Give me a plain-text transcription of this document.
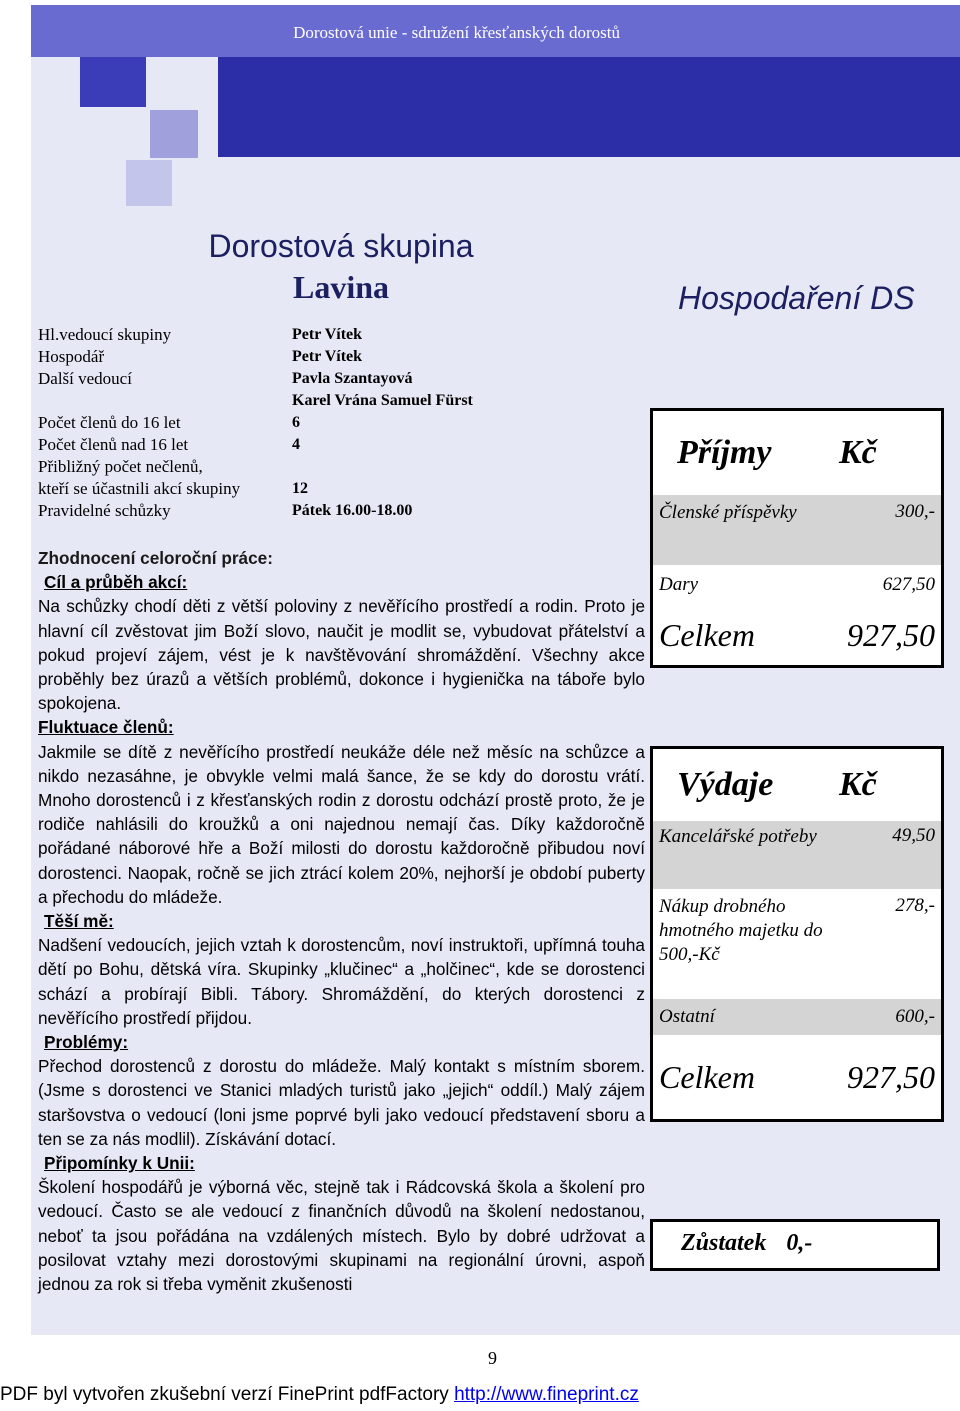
Dorostová unie - sdružení křesťanských dorostů
Dorostová skupina
Lavina
Hl.vedoucí skupiny	Petr Vítek
Hospodář	Petr Vítek
Další vedoucí	Pavla Szantayová
Karel Vrána Samuel Fürst
Počet členů do 16 let	6
Počet členů nad 16 let	4
Přibližný počet nečlenů,
kteří se účastnili akcí skupiny	12
Pravidelné schůzky	Pátek 16.00-18.00

Zhodnocení celoroční práce:

Cíl a průběh akcí:

Na schůzky chodí děti z větší poloviny z nevěřícího prostředí a rodin. Proto je hlavní cíl zvěstovat jim Boží slovo, naučit je modlit se, vybudovat přátelství a pokud projeví zájem, vést je k navštěvování shromáždění. Všechny akce proběhly bez úrazů a větších problémů, dokonce i hygienička na táboře bylo spokojena.

Fluktuace členů:

Jakmile se dítě z nevěřícího prostředí neukáže déle než měsíc na schůzce a nikdo nezasáhne, je obvykle velmi malá šance, že se kdy do dorostu vrátí. Mnoho dorostenců i z křesťanských rodin z dorostu odchází prostě proto, že je rodiče nahlásili do kroužků a oni najednou nemají čas. Díky každoročně pořádané náborové hře a Boží milosti do dorostu každoročně přibudou noví dorostenci. Naopak, ročně se jich ztrácí kolem 20%, nejhorší je období puberty a přechodu do mládeže.

Těší mě:

Nadšení vedoucích, jejich vztah k dorostencům, noví instruktoři, upřímná touha dětí po Bohu, dětská víra. Skupinky „klučinec“ a „holčinec“, kde se dorostenci schází a probírají Bibli. Tábory. Shromáždění, do kterých dorostenci z nevěřícího prostředí přijdou.

Problémy:

Přechod dorostenců z dorostu do mládeže. Malý kontakt s místním sborem. (Jsme s dorostenci ve Stanici mladých turistů jako „jejich“ oddíl.) Malý zájem staršovstva o vedoucí (loni jsme poprvé byli jako vedoucí představení sboru a ten se za nás modlil). Získávání dotací.

Připomínky k Unii:

Školení hospodářů je výborná věc, stejně tak i Rádcovská škola a školení pro vedoucí. Často se ale vedoucí z finančních důvodů na školení nedostanou, neboť ta jsou pořádána na vzdálených místech. Bylo by dobré udržovat a posilovat vztahy mezi dorostovými skupinami na regionální úrovni, aspoň jednou za rok si třeba vyměnit zkušenosti

Hospodaření DS
Příjmy	Kč
Členské příspěvky	300,-
Dary	627,50
Celkem	927,50
Výdaje	Kč
Kancelářské potřeby	49,50
Nákup drobného hmotného majetku do 500,-Kč	278,-
Ostatní	600,-
Celkem	927,50
Zůstatek 0,-
9
PDF byl vytvořen zkušební verzí FinePrint pdfFactory http://www.fineprint.cz
